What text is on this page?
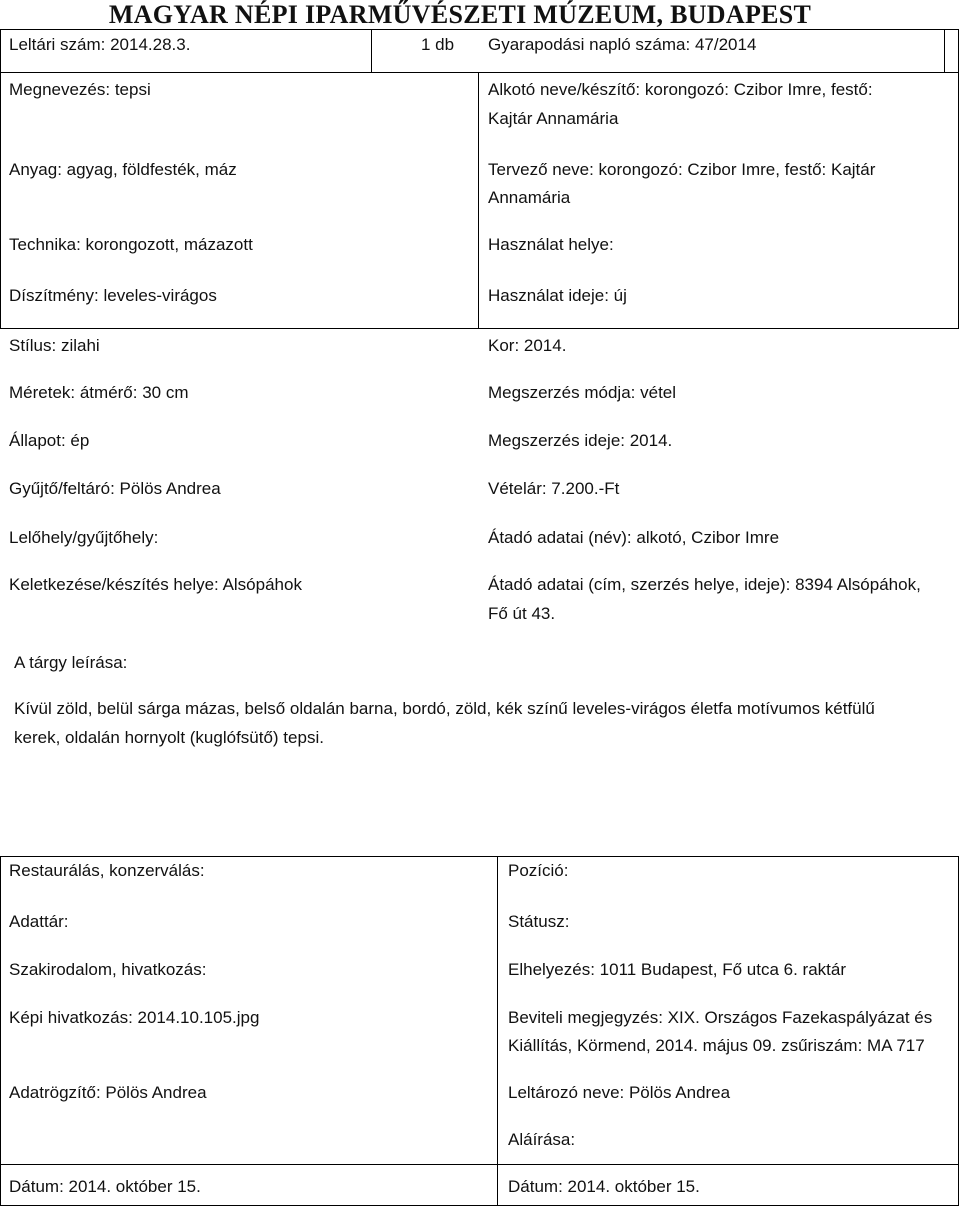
MAGYAR NÉPI IPARMŰVÉSZETI MÚZEUM, BUDAPEST
Leltári szám: 2014.28.3.	1 db Gyarapodási napló száma: 47/2014
Megnevezés: tepsi
Anyag: agyag, földfesték, máz
Technika: korongozott, mázazott
Díszítmény: leveles-virágos
Stílus: zilahi
Méretek: átmérő: 30 cm
Állapot: ép
Gyűjtő/feltáró: Pölös Andrea
Lelőhely/gyűjtőhely:
Keletkezése/készítés helye: Alsópáhok
Alkotó neve/készítő: korongozó: Czibor Imre, festő:
Kajtár Annamária
Tervező neve: korongozó: Czibor Imre, festő: Kajtár
Annamária
Használat helye:
Használat ideje: új
Kor: 2014.
Megszerzés módja: vétel
Megszerzés ideje: 2014.
Vételár: 7.200.-Ft
Átadó adatai (név): alkotó, Czibor Imre
Átadó adatai (cím, szerzés helye, ideje): 8394 Alsópáhok,
Fő út 43.
A tárgy leírása:
Kívül zöld, belül sárga mázas, belső oldalán barna, bordó, zöld, kék színű leveles-virágos életfa motívumos kétfülű
kerek, oldalán hornyolt (kuglófsütő) tepsi.
Restaurálás, konzerválás:
Adattár:
Szakirodalom, hivatkozás:
Képi hivatkozás: 2014.10.105.jpg
Adatrögzítő: Pölös Andrea
Dátum: 2014. október 15.
Pozíció:
Státusz:
Elhelyezés: 1011 Budapest, Fő utca 6. raktár
Beviteli megjegyzés: XIX. Országos Fazekaspályázat és
Kiállítás, Körmend, 2014. május 09. zsűriszám: MA 717
Leltározó neve: Pölös Andrea
Aláírása:
Dátum: 2014. október 15.
